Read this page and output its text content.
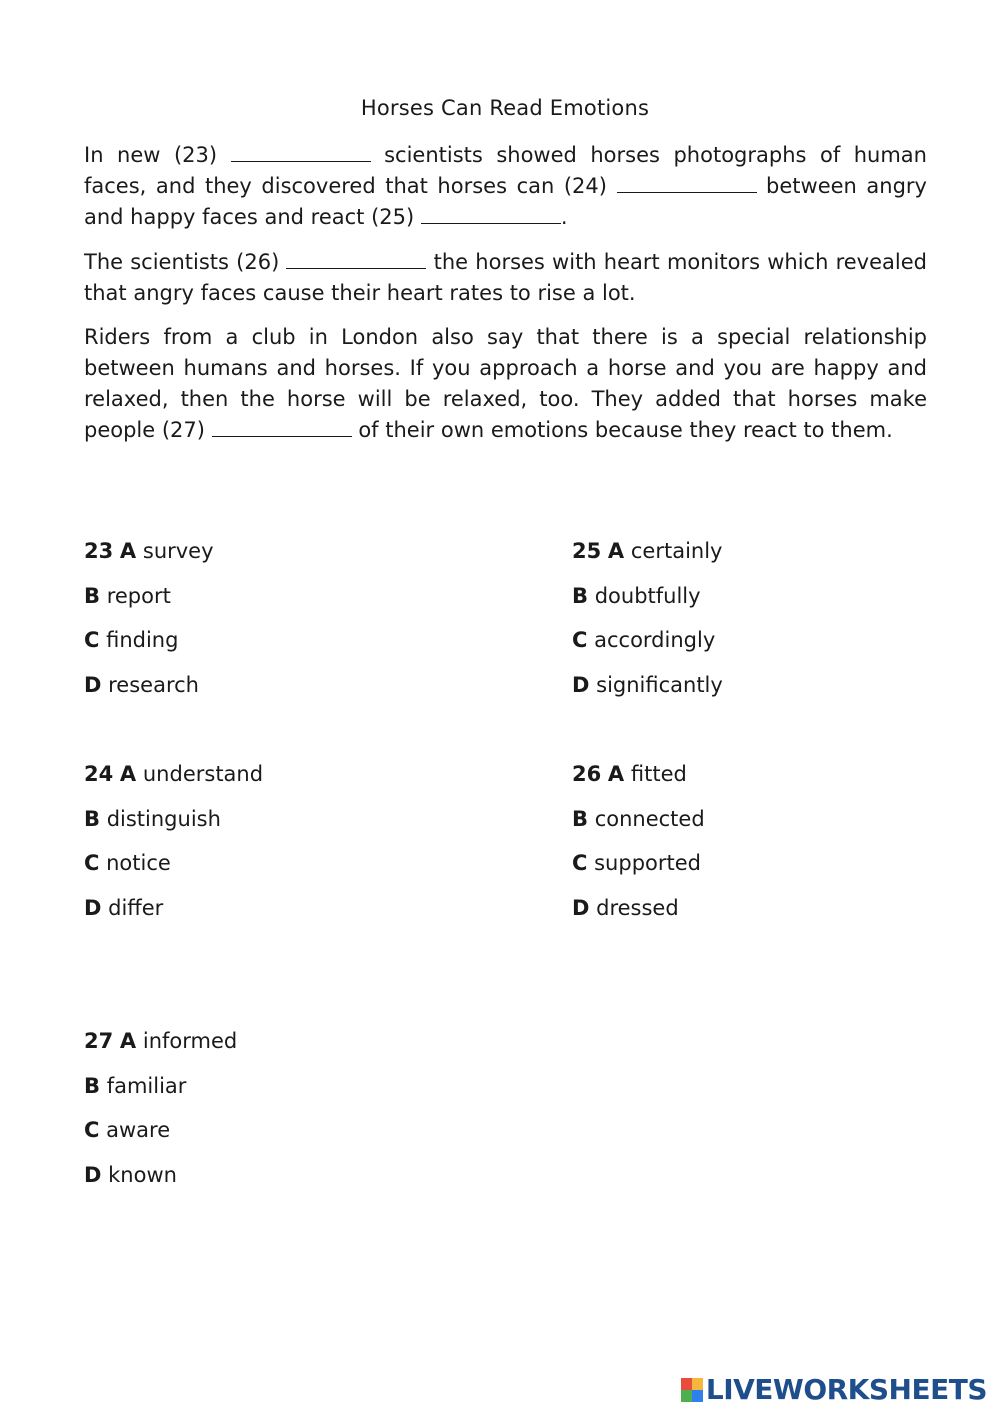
Horses Can Read Emotions

In new (23)	scientists showed horses photographs of human faces, and they discovered that horses can (24)	between angry and happy faces and react (25)	.

The scientists (26)	the horses with heart monitors which revealed that angry faces cause their heart rates to rise a lot.

Riders from a club in London also say that there is a special relationship between humans and horses. If you approach a horse and you are happy and relaxed, then the horse will be relaxed, too. They added that horses make people (27)	of their own emotions because they react to them.

23 A survey
B report
C finding
D research
25 A certainly
B doubtfully
C accordingly
D significantly
24 A understand
B distinguish
C notice
D differ
26 A fitted
B connected
C supported
D dressed
27 A informed
B familiar
C aware
D known
LIVEWORKSHEETS
